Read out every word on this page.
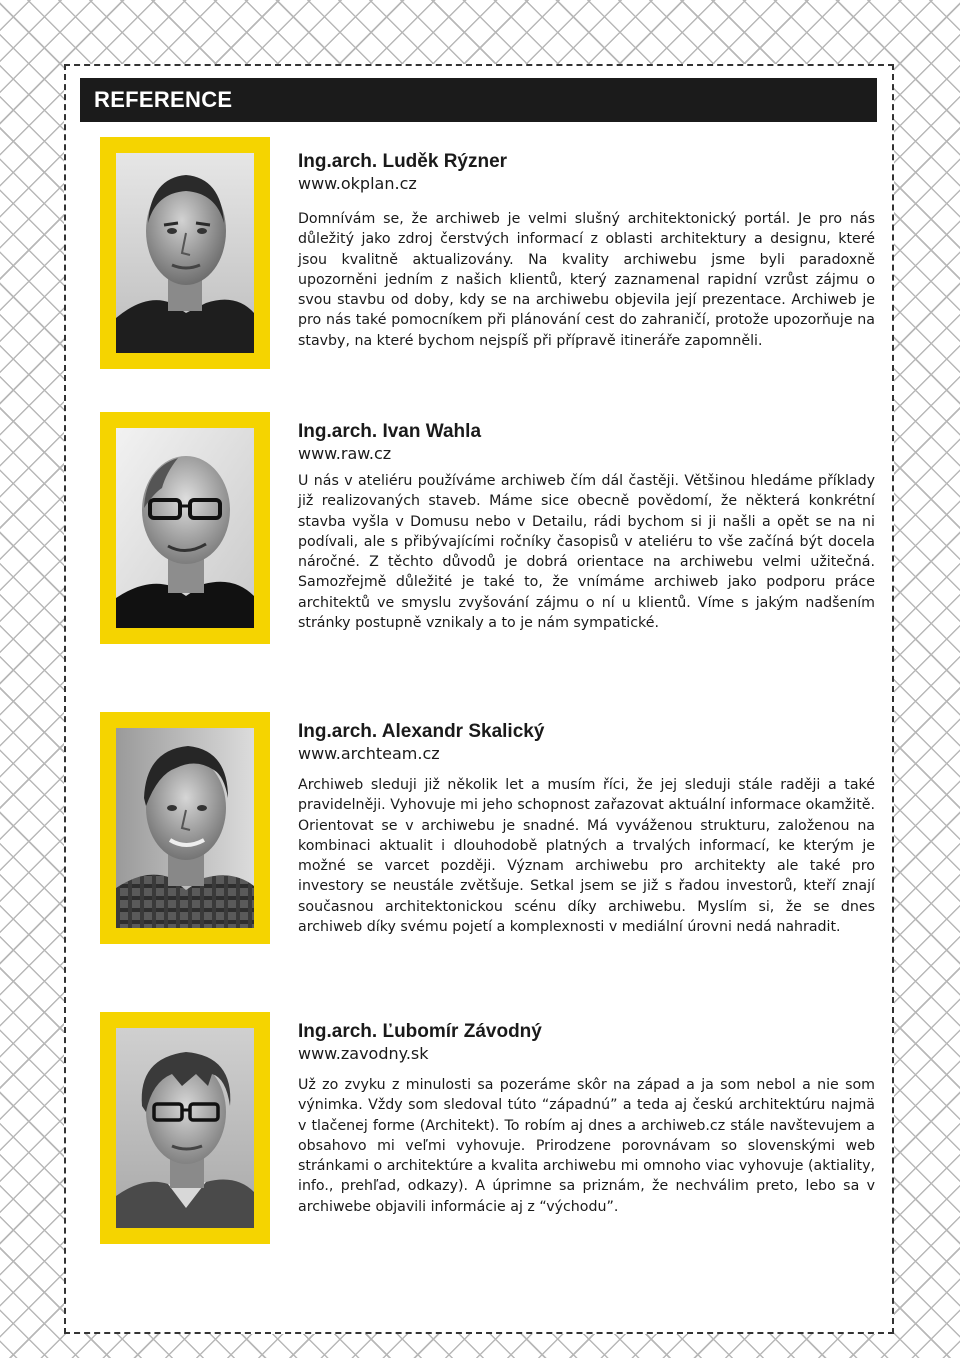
REFERENCE
Ing.arch. Luděk Rýzner
www.okplan.cz

Domnívám se, že archiweb je velmi slušný architektonický portál. Je pro nás důležitý jako zdroj čerstvých informací z oblasti architektury a designu, které jsou kvalitně aktualizovány. Na kvality archiwebu jsme byli paradoxně upozorněni jedním z našich klientů, který zaznamenal rapidní vzrůst zájmu o svou stavbu od doby, kdy se na archiwebu objevila její prezentace. Archiweb je pro nás také pomocníkem při plánování cest do zahraničí, protože upozorňuje na stavby, na které bychom nejspíš při přípravě itineráře zapomněli.

Ing.arch. Ivan Wahla
www.raw.cz

U nás v ateliéru používáme archiweb čím dál častěji. Většinou hledáme příklady již realizovaných staveb. Máme sice obecně povědomí, že některá konkrétní stavba vyšla v Domusu nebo v Detailu, rádi bychom si ji našli a opět se na ni podívali, ale s přibývajícími ročníky časopisů v ateliéru to vše začíná být docela náročné. Z těchto důvodů je dobrá orientace na archiwebu velmi užitečná. Samozřejmě důležité je také to, že vnímáme archiweb jako podporu práce architektů ve smyslu zvyšování zájmu o ní u klientů. Víme s jakým nadšením stránky postupně vznikaly a to je nám sympatické.

Ing.arch. Alexandr Skalický
www.archteam.cz

Archiweb sleduji již několik let a musím říci, že jej sleduji stále raději a také pravidelněji. Vyhovuje mi jeho schopnost zařazovat aktuální informace okamžitě. Orientovat se v archiwebu je snadné. Má vyváženou strukturu, založenou na kombinaci aktualit i dlouhodobě platných a trvalých informací, ke kterým je možné se varcet později. Význam archiwebu pro architekty ale také pro investory se neustále zvětšuje. Setkal jsem se již s řadou investorů, kteří znají současnou architektonickou scénu díky archiwebu. Myslím si, že se dnes archiweb díky svému pojetí a komplexnosti v mediální úrovni nedá nahradit.

Ing.arch. Ľubomír Závodný
www.zavodny.sk

Už zo zvyku z minulosti sa pozeráme skôr na západ a ja som nebol a nie som výnimka. Vždy som sledoval túto “západnú” a teda aj českú architektúru najmä v tlačenej forme (Architekt). To robím aj dnes a archiweb.cz stále navštevujem a obsahovo mi veľmi vyhovuje. Prirodzene porovnávam so slovenskými web stránkami o architektúre a kvalita archiwebu mi omnoho viac vyhovuje (aktiality, info., prehľad, odkazy). A úprimne sa priznám, že nechválim preto, lebo sa v archiwebe objavili informácie aj z “východu”.
